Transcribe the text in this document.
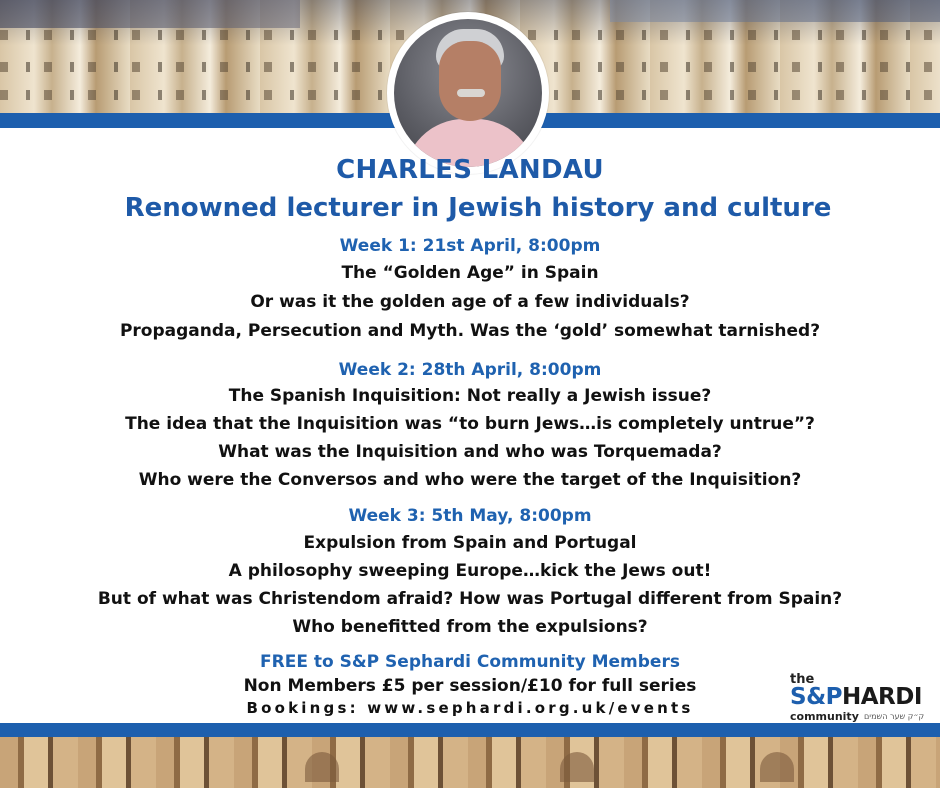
CHARLES LANDAU
Renowned lecturer in Jewish history and culture
Week 1: 21st April, 8:00pm
The “Golden Age” in Spain
Or was it the golden age of a few individuals?
Propaganda, Persecution and Myth. Was the ‘gold’ somewhat tarnished?
Week 2: 28th April, 8:00pm
The Spanish Inquisition: Not really a Jewish issue?
The idea that the Inquisition was “to burn Jews…is completely untrue”?
What was the Inquisition and who was Torquemada?
Who were the Conversos and who were the target of the Inquisition?
Week 3: 5th May, 8:00pm
Expulsion from Spain and Portugal
A philosophy sweeping Europe…kick the Jews out!
But of what was Christendom afraid? How was Portugal different from Spain?
Who benefitted from the expulsions?
FREE to S&P Sephardi Community Members
Non Members £5 per session/£10 for full series
Bookings: www.sephardi.org.uk/events
the
S&PHARDI
community ק״ק שער השמים
